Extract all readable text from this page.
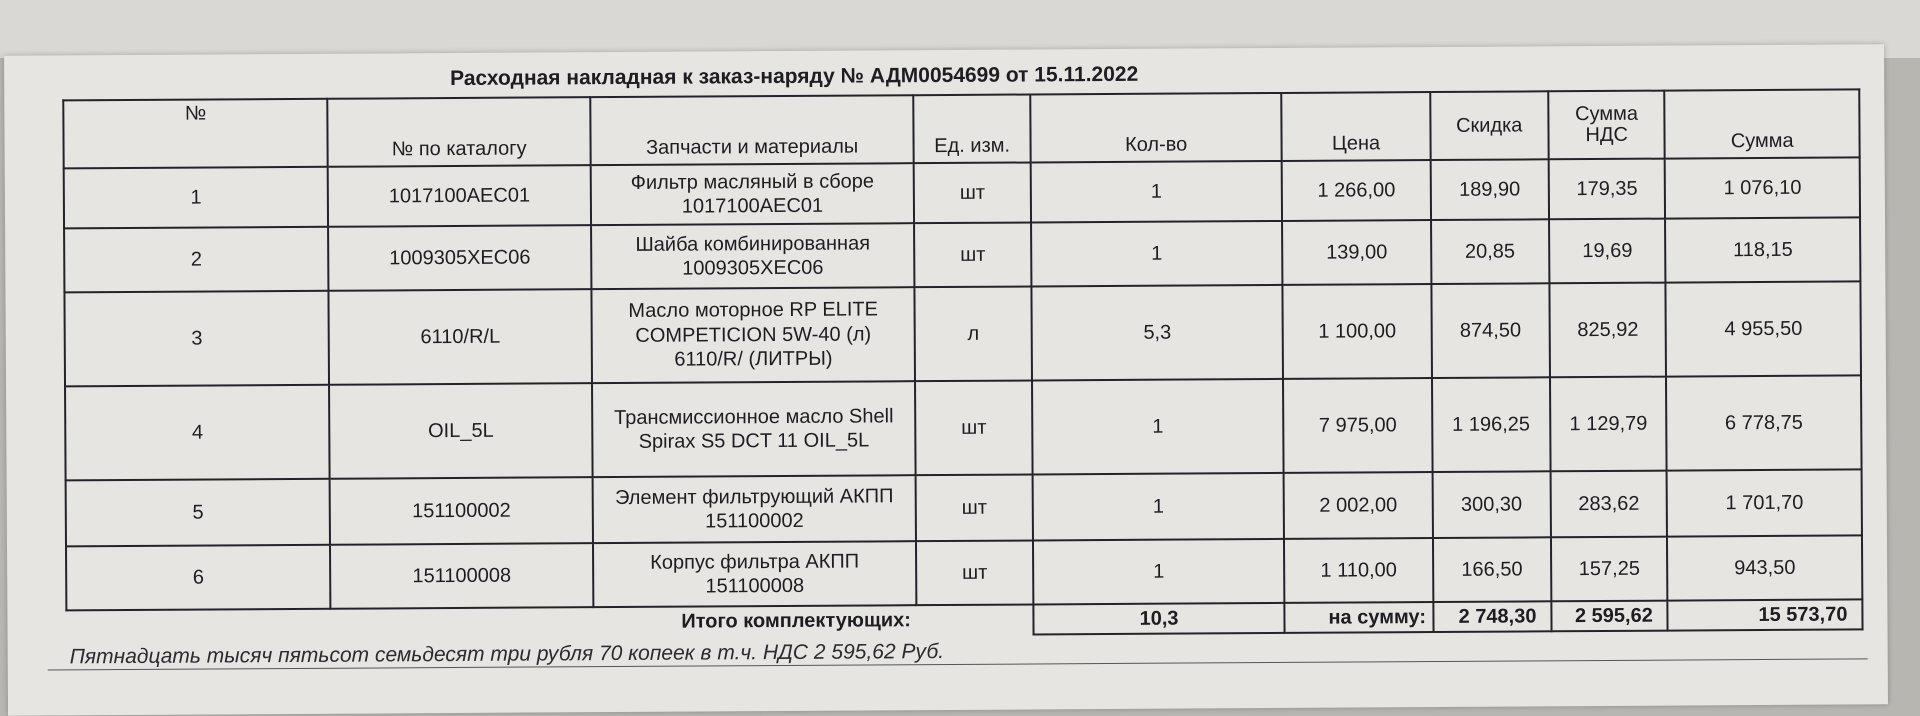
Расходная накладная к заказ-наряду № АДМ0054699 от 15.11.2022
№	№ по каталогу	Запчасти и материалы	Ед. изм.	Кол-во	Цена	Скидка	Сумма НДС	Сумма
1	1017100AEC01	Фильтр масляный в сборе 1017100AEC01	шт	1	1 266,00	189,90	179,35	1 076,10
2	1009305XEC06	Шайба комбинированная 1009305XEC06	шт	1	139,00	20,85	19,69	118,15
3	6110/R/L	Масло моторное RP ELITE COMPETICION 5W-40 (л) 6110/R/ (ЛИТРЫ)	л	5,3	1 100,00	874,50	825,92	4 955,50
4	OIL_5L	Трансмиссионное масло Shell Spirax S5 DCT 11 OIL_5L	шт	1	7 975,00	1 196,25	1 129,79	6 778,75
5	151100002	Элемент фильтрующий АКПП 151100002	шт	1	2 002,00	300,30	283,62	1 701,70
6	151100008	Корпус фильтра АКПП 151100008	шт	1	1 110,00	166,50	157,25	943,50
Итого комплектующих:				10,3	на сумму:	2 748,30	2 595,62	15 573,70
Пятнадцать тысяч пятьсот семьдесят три рубля 70 копеек в т.ч. НДС 2 595,62 Руб.
